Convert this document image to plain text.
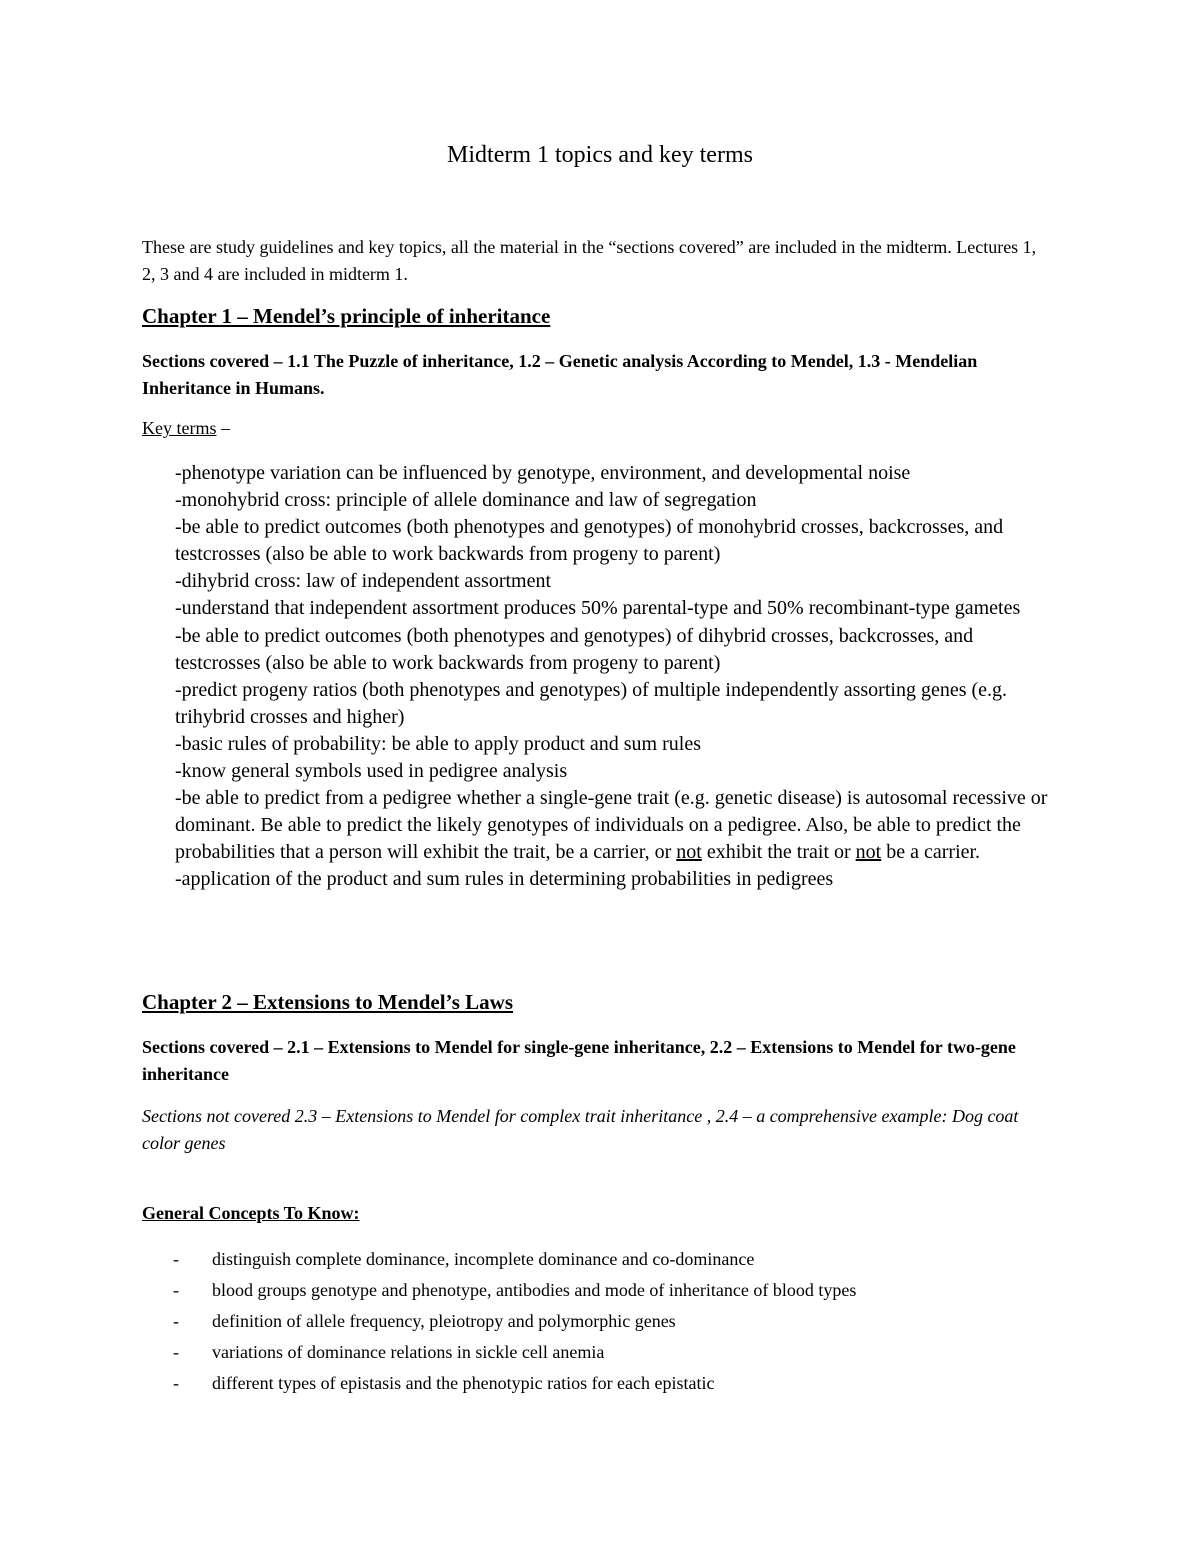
Midterm 1 topics and key terms

These are study guidelines and key topics, all the material in the “sections covered” are included in the midterm. Lectures 1, 2, 3 and 4 are included in midterm 1.

Chapter 1 – Mendel’s principle of inheritance

Sections covered – 1.1 The Puzzle of inheritance, 1.2 – Genetic analysis According to Mendel, 1.3 - Mendelian Inheritance in Humans.

Key terms –

-phenotype variation can be influenced by genotype, environment, and developmental noise
-monohybrid cross: principle of allele dominance and law of segregation
-be able to predict outcomes (both phenotypes and genotypes) of monohybrid crosses, backcrosses, and testcrosses (also be able to work backwards from progeny to parent)
-dihybrid cross: law of independent assortment
-understand that independent assortment produces 50% parental-type and 50% recombinant-type gametes
-be able to predict outcomes (both phenotypes and genotypes) of dihybrid crosses, backcrosses, and testcrosses (also be able to work backwards from progeny to parent)
-predict progeny ratios (both phenotypes and genotypes) of multiple independently assorting genes (e.g. trihybrid crosses and higher)
-basic rules of probability: be able to apply product and sum rules
-know general symbols used in pedigree analysis
-be able to predict from a pedigree whether a single-gene trait (e.g. genetic disease) is autosomal recessive or dominant. Be able to predict the likely genotypes of individuals on a pedigree. Also, be able to predict the probabilities that a person will exhibit the trait, be a carrier, or not exhibit the trait or not be a carrier.
-application of the product and sum rules in determining probabilities in pedigrees
Chapter 2 – Extensions to Mendel’s Laws

Sections covered – 2.1 – Extensions to Mendel for single-gene inheritance, 2.2 – Extensions to Mendel for two-gene inheritance

Sections not covered 2.3 – Extensions to Mendel for complex trait inheritance , 2.4 – a comprehensive example: Dog coat color genes

General Concepts To Know:

-	distinguish complete dominance, incomplete dominance and co-dominance
-	blood groups genotype and phenotype, antibodies and mode of inheritance of blood types
-	definition of allele frequency, pleiotropy and polymorphic genes
-	variations of dominance relations in sickle cell anemia
-	different types of epistasis and the phenotypic ratios for each epistatic
